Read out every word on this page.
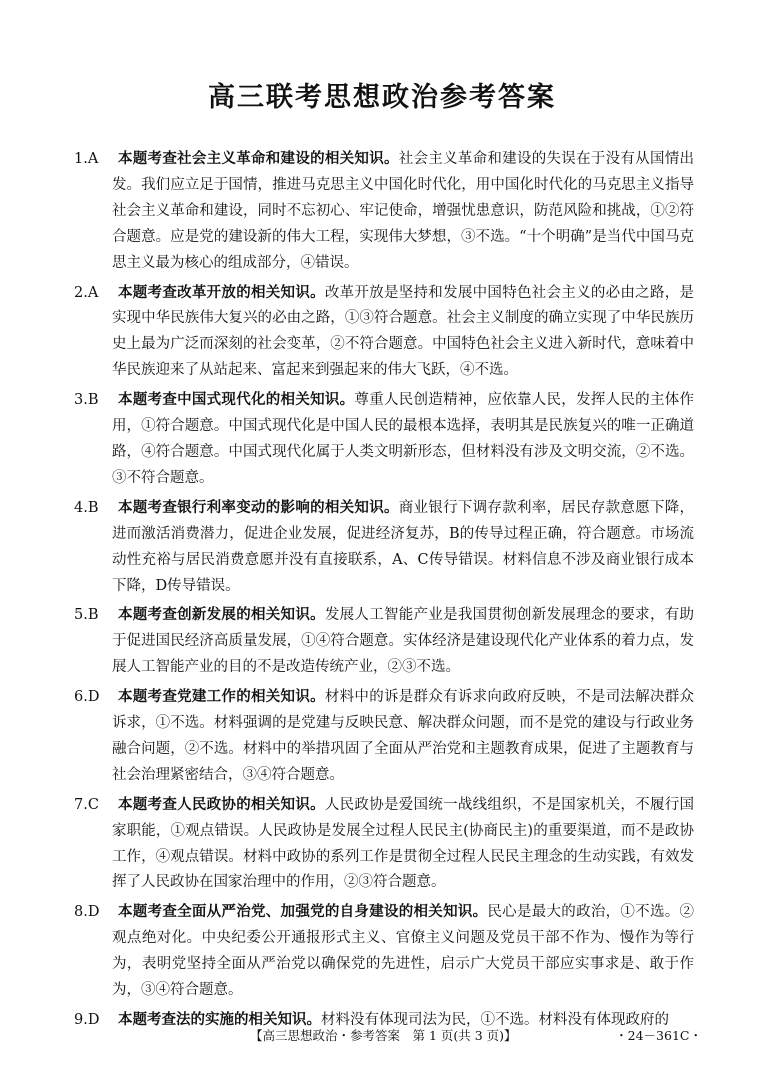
高三联考思想政治参考答案
1.A	本题考查社会主义革命和建设的相关知识。社会主义革命和建设的失误在于没有从国情出发。我们应立足于国情，推进马克思主义中国化时代化，用中国化时代化的马克思主义指导社会主义革命和建设，同时不忘初心、牢记使命，增强忧患意识，防范风险和挑战，①②符合题意。应是党的建设新的伟大工程，实现伟大梦想，③不选。“十个明确”是当代中国马克思主义最为核心的组成部分，④错误。
2.A	本题考查改革开放的相关知识。改革开放是坚持和发展中国特色社会主义的必由之路，是实现中华民族伟大复兴的必由之路，①③符合题意。社会主义制度的确立实现了中华民族历史上最为广泛而深刻的社会变革，②不符合题意。中国特色社会主义进入新时代，意味着中华民族迎来了从站起来、富起来到强起来的伟大飞跃，④不选。
3.B	本题考查中国式现代化的相关知识。尊重人民创造精神，应依靠人民，发挥人民的主体作用，①符合题意。中国式现代化是中国人民的最根本选择，表明其是民族复兴的唯一正确道路，④符合题意。中国式现代化属于人类文明新形态，但材料没有涉及文明交流，②不选。③不符合题意。
4.B	本题考查银行利率变动的影响的相关知识。商业银行下调存款利率，居民存款意愿下降，进而激活消费潜力，促进企业发展，促进经济复苏，B的传导过程正确，符合题意。市场流动性充裕与居民消费意愿并没有直接联系，A、C传导错误。材料信息不涉及商业银行成本下降，D传导错误。
5.B	本题考查创新发展的相关知识。发展人工智能产业是我国贯彻创新发展理念的要求，有助于促进国民经济高质量发展，①④符合题意。实体经济是建设现代化产业体系的着力点，发展人工智能产业的目的不是改造传统产业，②③不选。
6.D	本题考查党建工作的相关知识。材料中的诉是群众有诉求向政府反映，不是司法解决群众诉求，①不选。材料强调的是党建与反映民意、解决群众问题，而不是党的建设与行政业务融合问题，②不选。材料中的举措巩固了全面从严治党和主题教育成果，促进了主题教育与社会治理紧密结合，③④符合题意。
7.C	本题考查人民政协的相关知识。人民政协是爱国统一战线组织，不是国家机关，不履行国家职能，①观点错误。人民政协是发展全过程人民民主(协商民主)的重要渠道，而不是政协工作，④观点错误。材料中政协的系列工作是贯彻全过程人民民主理念的生动实践，有效发挥了人民政协在国家治理中的作用，②③符合题意。
8.D	本题考查全面从严治党、加强党的自身建设的相关知识。民心是最大的政治，①不选。②观点绝对化。中央纪委公开通报形式主义、官僚主义问题及党员干部不作为、慢作为等行为，表明党坚持全面从严治党以确保党的先进性，启示广大党员干部应实事求是、敢于作为，③④符合题意。
9.D	本题考查法的实施的相关知识。材料没有体现司法为民，①不选。材料没有体现政府的
【高三思想政治・参考答案　第 1 页(共 3 页)】	・24－361C・
